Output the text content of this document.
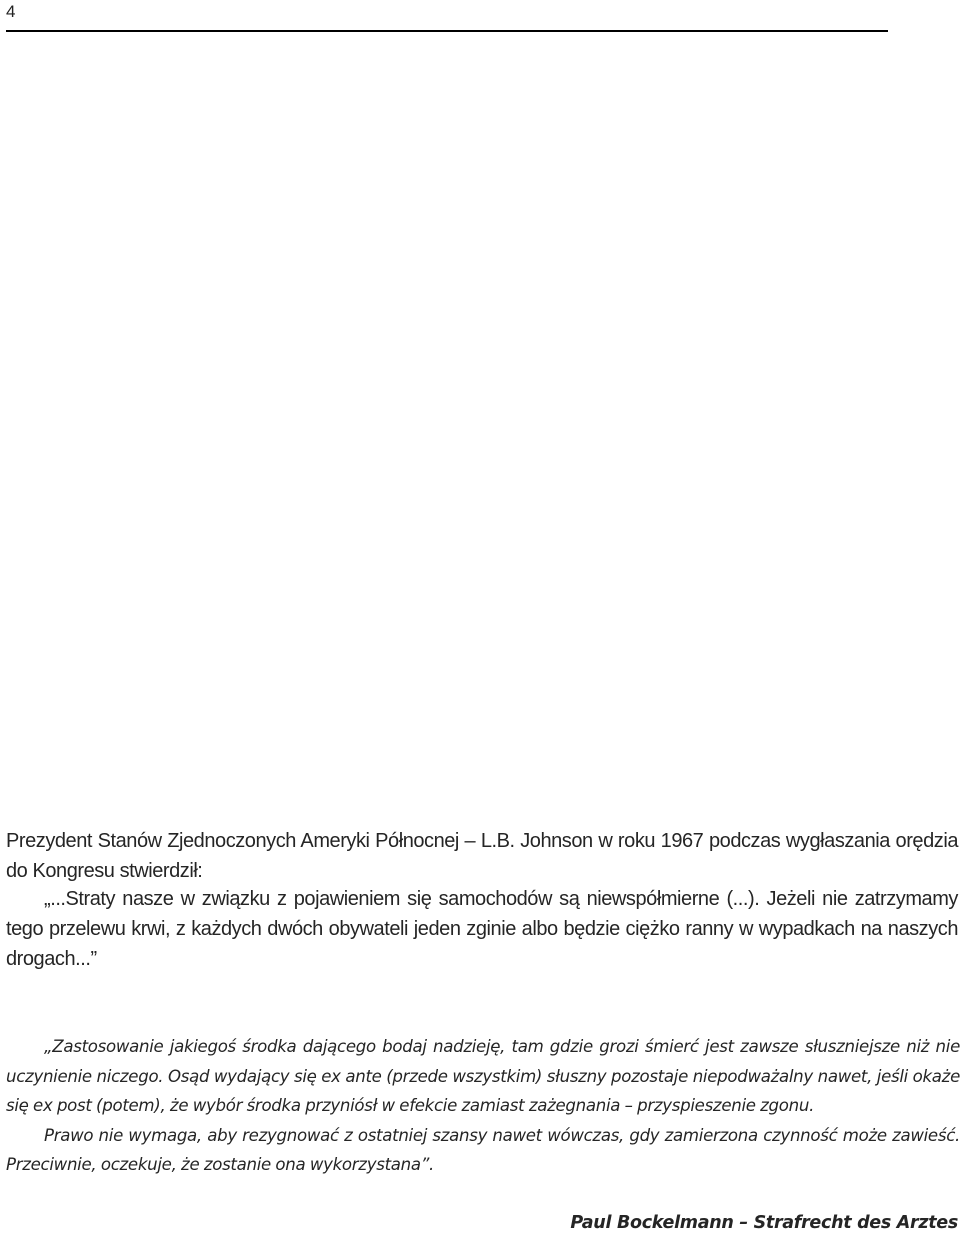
4

Prezydent Stanów Zjednoczonych Ameryki Północnej – L.B. Johnson w roku 1967 podczas wygłaszania orędzia do Kongresu stwierdził:

„...Straty nasze w związku z pojawieniem się samochodów są niewspółmierne (...). Jeżeli nie zatrzymamy tego przelewu krwi, z każdych dwóch obywateli jeden zginie albo będzie ciężko ranny w wypadkach na naszych drogach...”

„Zastosowanie jakiegoś środka dającego bodaj nadzieję, tam gdzie grozi śmierć jest zawsze słuszniejsze niż nie uczynienie niczego. Osąd wydający się ex ante (przede wszystkim) słuszny pozostaje niepodważalny nawet, jeśli okaże się ex post (potem), że wybór środka przyniósł w efekcie zamiast zażegnania – przyspieszenie zgonu.

Prawo nie wymaga, aby rezygnować z ostatniej szansy nawet wówczas, gdy zamierzona czynność może zawieść. Przeciwnie, oczekuje, że zostanie ona wykorzystana”.

Paul Bockelmann – Strafrecht des Arztes
